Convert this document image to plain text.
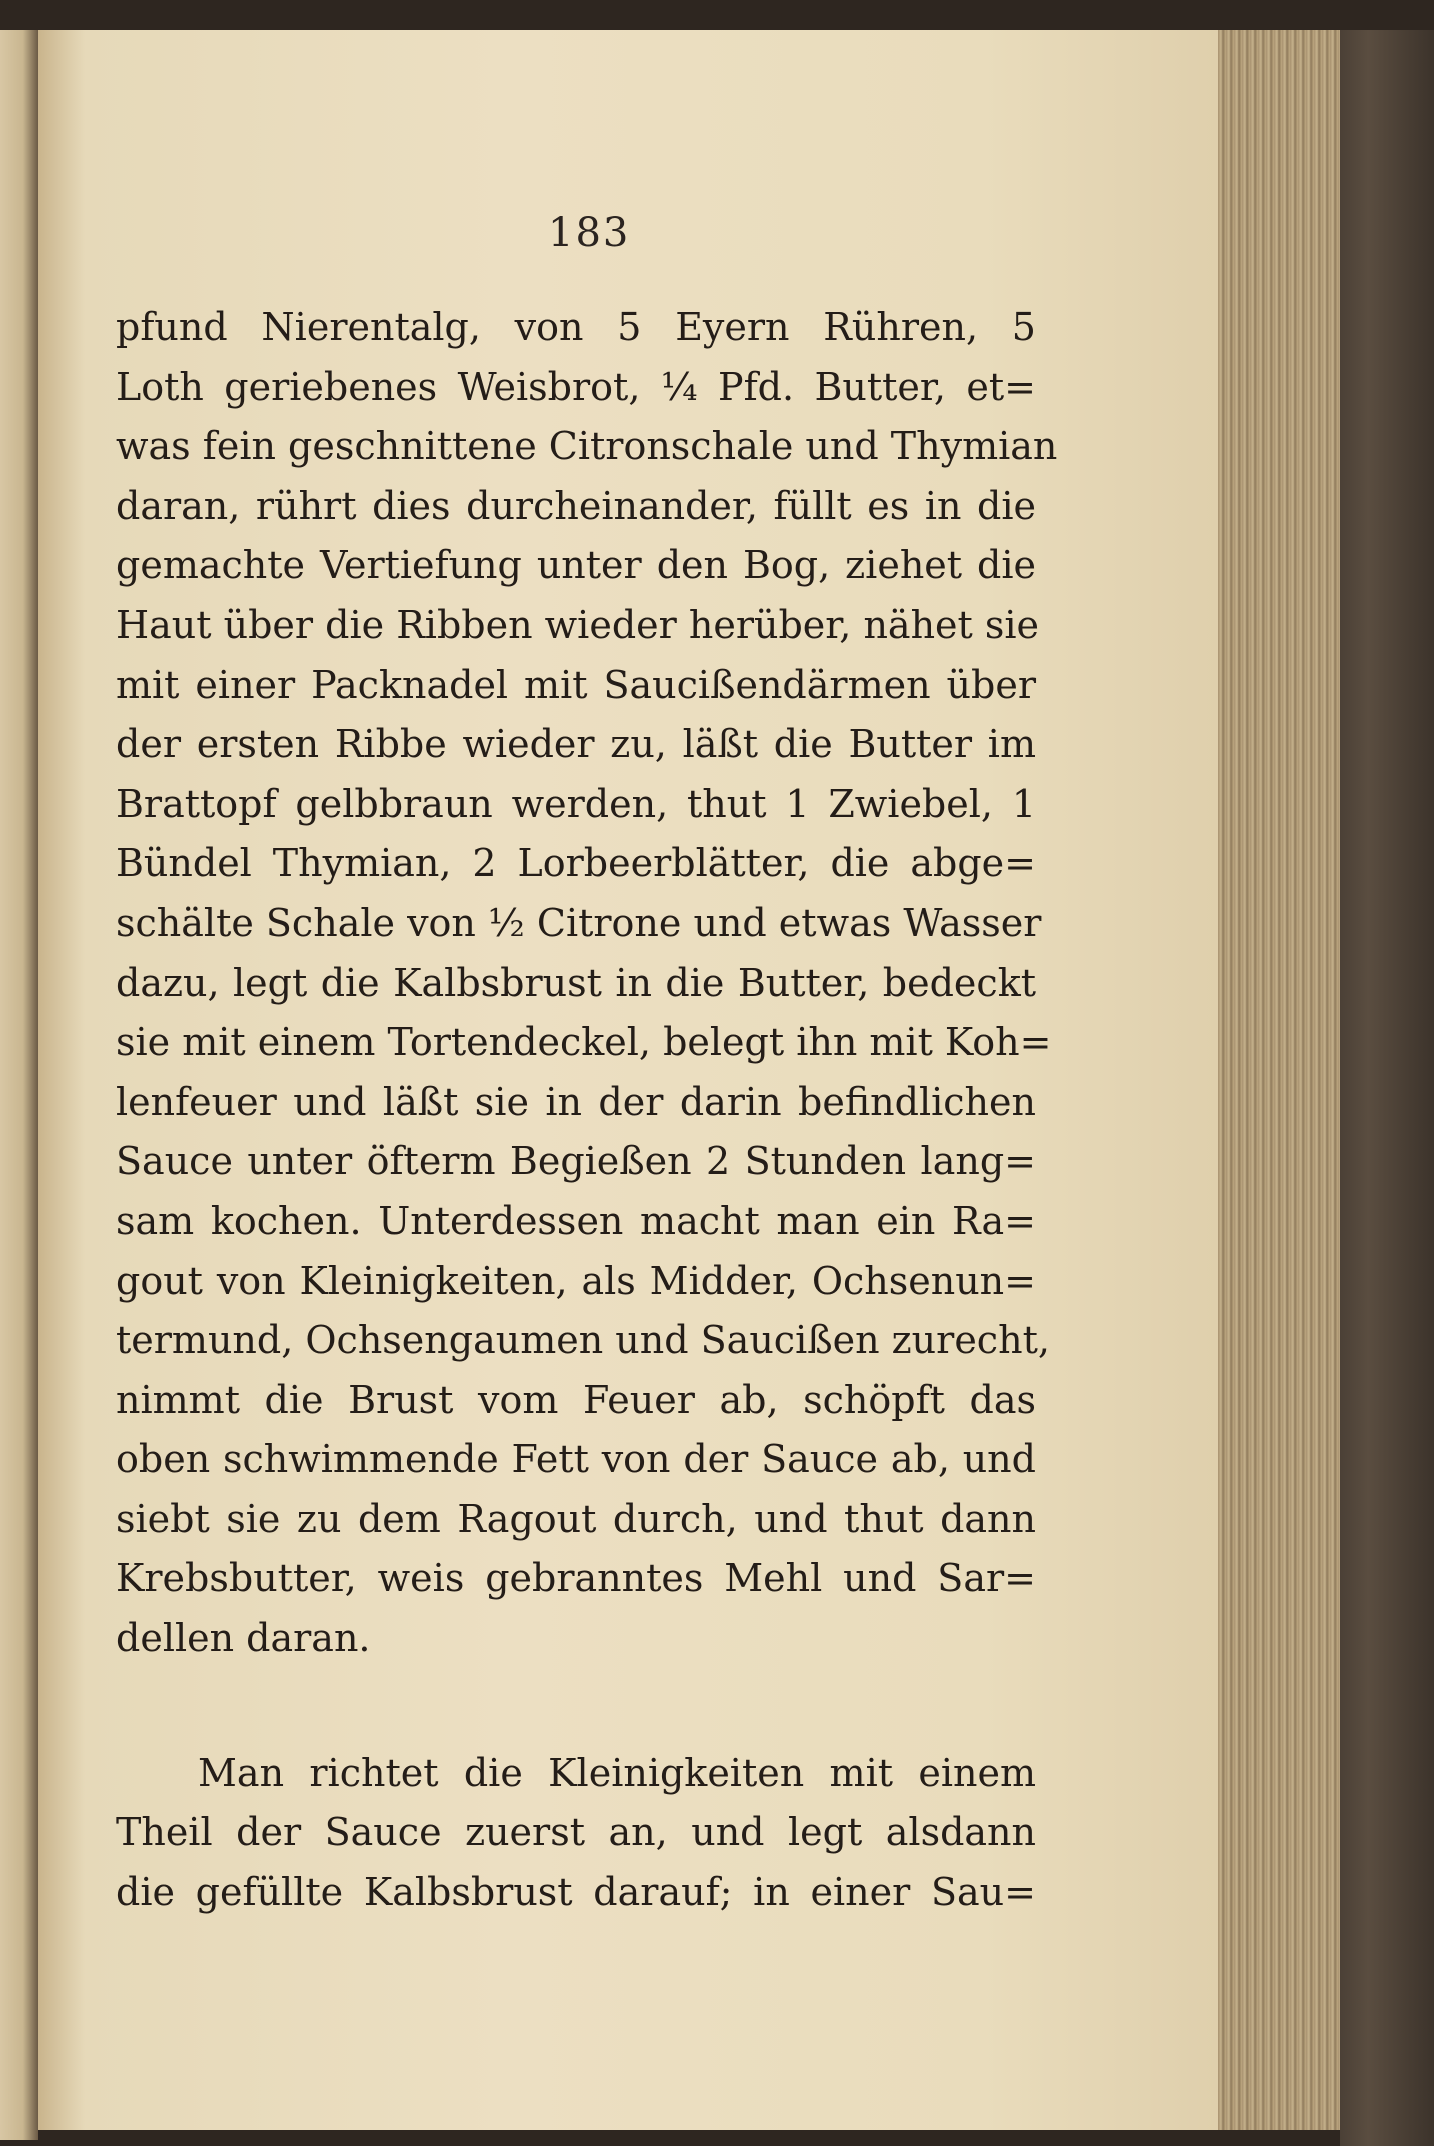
183
pfund Nierentalg, von 5 Eyern Rühren, 5
Loth geriebenes Weisbrot, ¼ Pfd. Butter, et=
was fein geschnittene Citronschale und Thymian
daran, rührt dies durcheinander, füllt es in die
gemachte Vertiefung unter den Bog, ziehet die
Haut über die Ribben wieder herüber, nähet sie
mit einer Packnadel mit Saucißendärmen über
der ersten Ribbe wieder zu, läßt die Butter im
Brattopf gelbbraun werden, thut 1 Zwiebel, 1
Bündel Thymian, 2 Lorbeerblätter, die abge=
schälte Schale von ½ Citrone und etwas Wasser
dazu, legt die Kalbsbrust in die Butter, bedeckt
sie mit einem Tortendeckel, belegt ihn mit Koh=
lenfeuer und läßt sie in der darin befindlichen
Sauce unter öfterm Begießen 2 Stunden lang=
sam kochen. Unterdessen macht man ein Ra=
gout von Kleinigkeiten, als Midder, Ochsenun=
termund, Ochsengaumen und Saucißen zurecht,
nimmt die Brust vom Feuer ab, schöpft das
oben schwimmende Fett von der Sauce ab, und
siebt sie zu dem Ragout durch, und thut dann
Krebsbutter, weis gebranntes Mehl und Sar=
dellen daran.
Man richtet die Kleinigkeiten mit einem
Theil der Sauce zuerst an, und legt alsdann
die gefüllte Kalbsbrust darauf; in einer Sau=
